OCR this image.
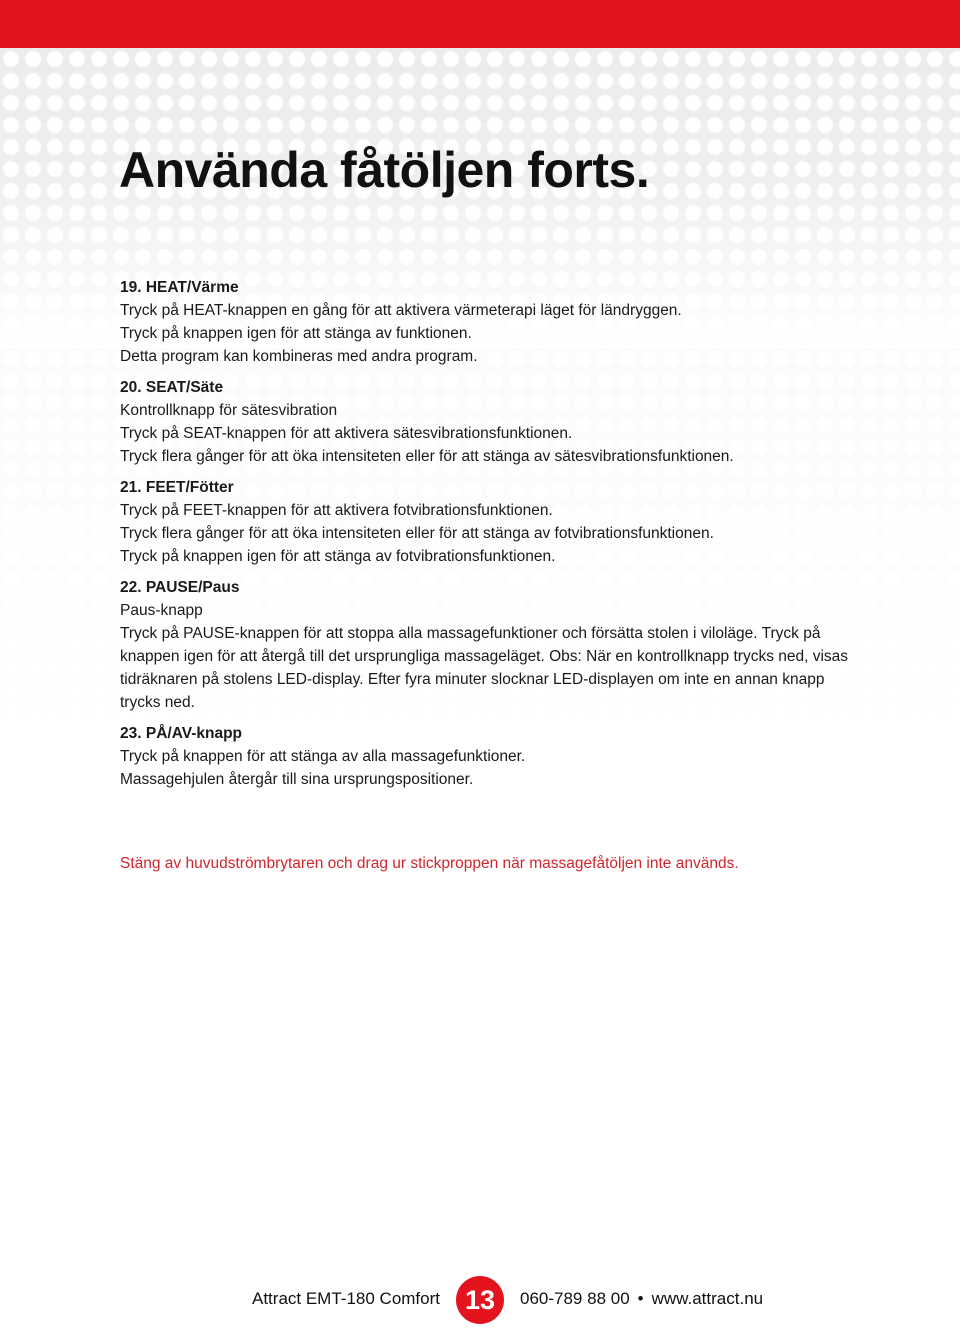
Använda fåtöljen forts.
19. HEAT/Värme
Tryck på HEAT-knappen en gång för att aktivera värmeterapi läget för ländryggen.
Tryck på knappen igen för att stänga av funktionen.
Detta program kan kombineras med andra program.
20. SEAT/Säte
Kontrollknapp för sätesvibration
Tryck på SEAT-knappen för att aktivera sätesvibrationsfunktionen.
Tryck flera gånger för att öka intensiteten eller för att stänga av sätesvibrationsfunktionen.
21. FEET/Fötter
Tryck på FEET-knappen för att aktivera fotvibrationsfunktionen.
Tryck flera gånger för att öka intensiteten eller för att stänga av fotvibrationsfunktionen.
Tryck på knappen igen för att stänga av fotvibrationsfunktionen.
22. PAUSE/Paus
Paus-knapp
Tryck på PAUSE-knappen för att stoppa alla massagefunktioner och försätta stolen i viloläge. Tryck på knappen igen för att återgå till det ursprungliga massageläget. Obs: När en kontrollknapp trycks ned, visas tidräknaren på stolens LED-display. Efter fyra minuter slocknar LED-displayen om inte en annan knapp trycks ned.
23. PÅ/AV-knapp
Tryck på knappen för att stänga av alla massagefunktioner.
Massagehjulen återgår till sina ursprungspositioner.
Stäng av huvudströmbrytaren och drag ur stickproppen när massagefåtöljen inte används.
Attract EMT-180 Comfort 13	060-789 88 00 • www.attract.nu
